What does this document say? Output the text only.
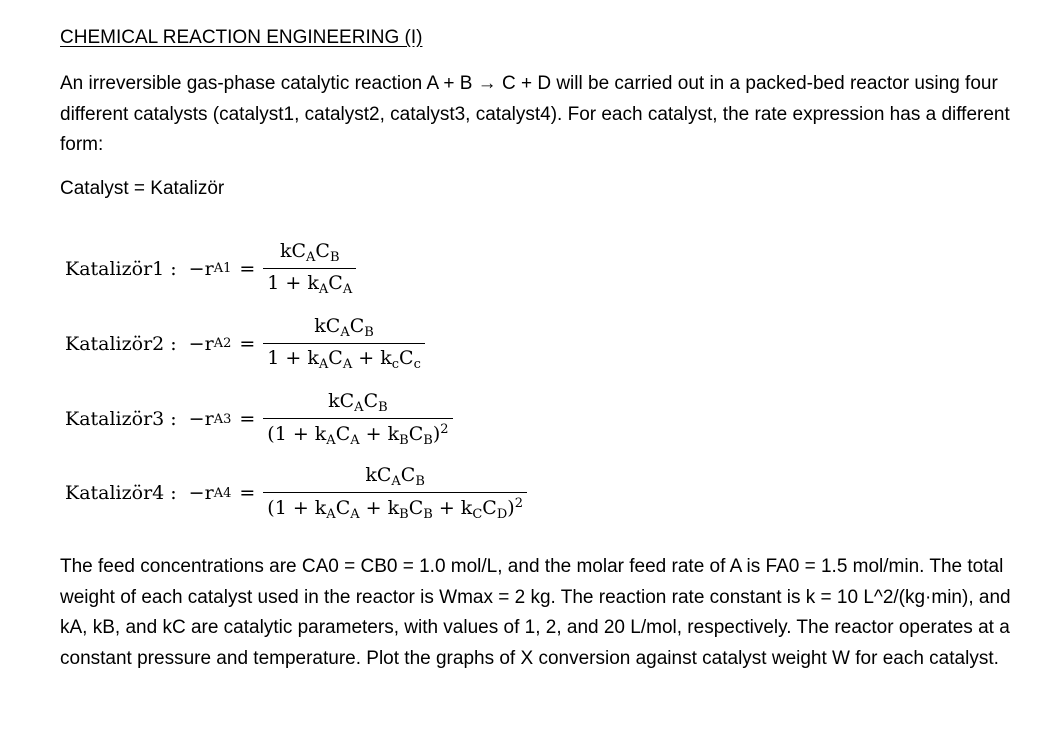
CHEMICAL REACTION ENGINEERING (I)
An irreversible gas-phase catalytic reaction A + B → C + D will be carried out in a packed-bed reactor using four different catalysts (catalyst1, catalyst2, catalyst3, catalyst4). For each catalyst, the rate expression has a different form:
Catalyst = Katalizör
Katalizör1 : −r $A1 = \frac{kC_AC_B}{1 + k_AC_A}$
Katalizör2 : −r $A2 = \frac{kC_AC_B}{1 + k_AC_A + k_cC_c}$
Katalizör3 : −r $A3 = \frac{kC_AC_B}{(1 + k_AC_A + k_BC_B)^2}$
Katalizör4 : −r $A4 = \frac{kC_AC_B}{(1 + k_AC_A + k_BC_B + k_CC_D)^2}$
The feed concentrations are CA0 = CB0 = 1.0 mol/L, and the molar feed rate of A is FA0 = 1.5 mol/min. The total weight of each catalyst used in the reactor is Wmax = 2 kg. The reaction rate constant is k = 10 L^2/(kg·min), and kA, kB, and kC are catalytic parameters, with values of 1, 2, and 20 L/mol, respectively. The reactor operates at a constant pressure and temperature. Plot the graphs of X conversion against catalyst weight W for each catalyst.
